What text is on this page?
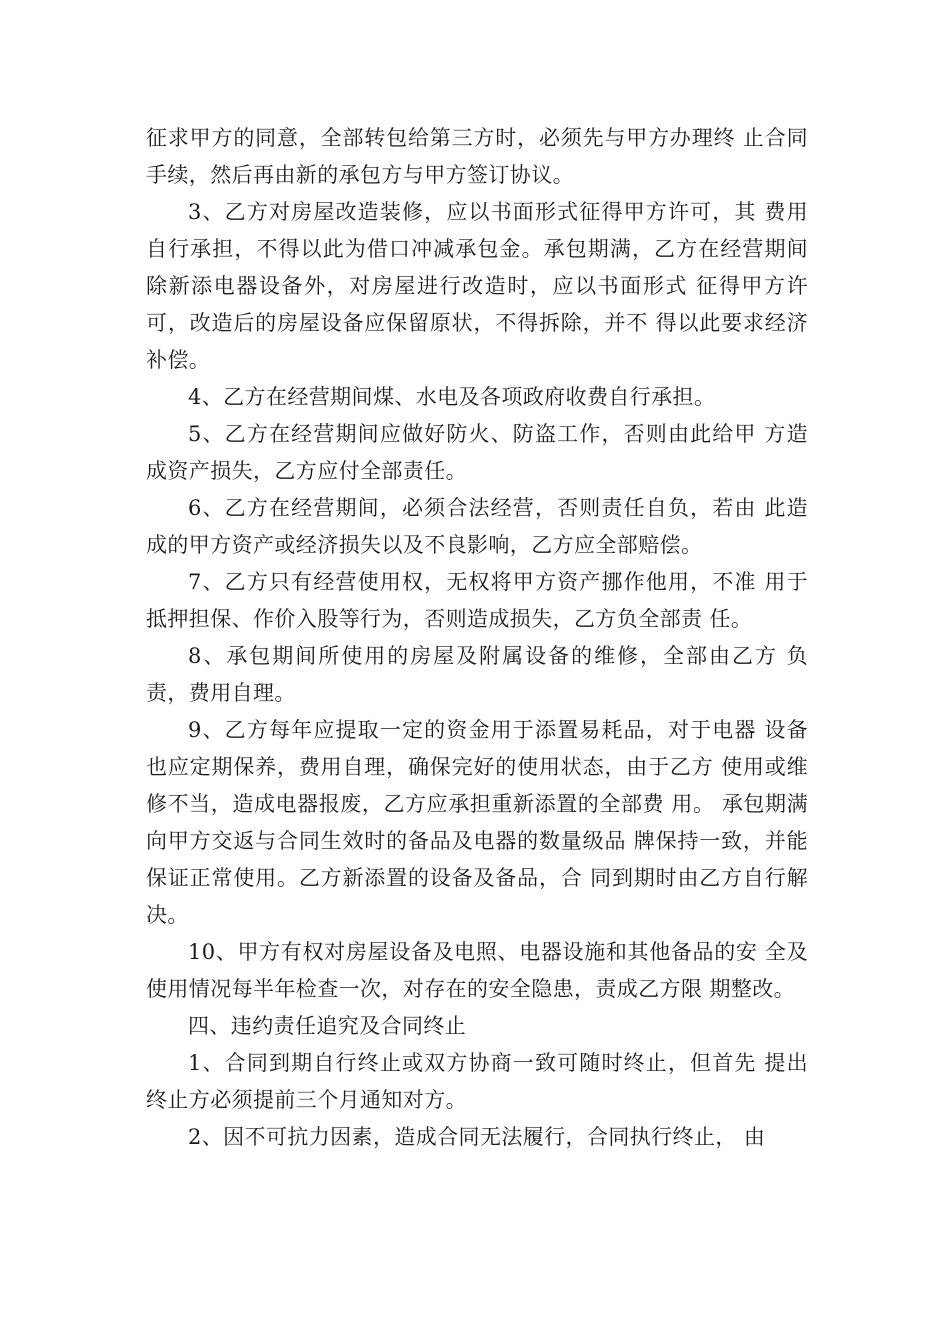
征求甲方的同意，全部转包给第三方时，必须先与甲方办理终 止合同手续，然后再由新的承包方与甲方签订协议。

3、乙方对房屋改造装修，应以书面形式征得甲方许可，其 费用自行承担，不得以此为借口冲减承包金。承包期满，乙方在经营期间除新添电器设备外，对房屋进行改造时，应以书面形式 征得甲方许可，改造后的房屋设备应保留原状，不得拆除，并不 得以此要求经济补偿。

4、乙方在经营期间煤、水电及各项政府收费自行承担。

5、乙方在经营期间应做好防火、防盗工作，否则由此给甲 方造成资产损失，乙方应付全部责任。

6、乙方在经营期间，必须合法经营，否则责任自负，若由 此造成的甲方资产或经济损失以及不良影响，乙方应全部赔偿。

7、乙方只有经营使用权，无权将甲方资产挪作他用，不准 用于抵押担保、作价入股等行为，否则造成损失，乙方负全部责 任。

8、承包期间所使用的房屋及附属设备的维修，全部由乙方 负责，费用自理。

9、乙方每年应提取一定的资金用于添置易耗品，对于电器 设备也应定期保养，费用自理，确保完好的使用状态，由于乙方 使用或维修不当，造成电器报废，乙方应承担重新添置的全部费 用。 承包期满向甲方交返与合同生效时的备品及电器的数量级品 牌保持一致，并能保证正常使用。乙方新添置的设备及备品，合 同到期时由乙方自行解决。

10、甲方有权对房屋设备及电照、电器设施和其他备品的安 全及使用情况每半年检查一次，对存在的安全隐患，责成乙方限 期整改。

四、违约责任追究及合同终止

1、合同到期自行终止或双方协商一致可随时终止，但首先 提出终止方必须提前三个月通知对方。

2、因不可抗力因素，造成合同无法履行，合同执行终止， 由
